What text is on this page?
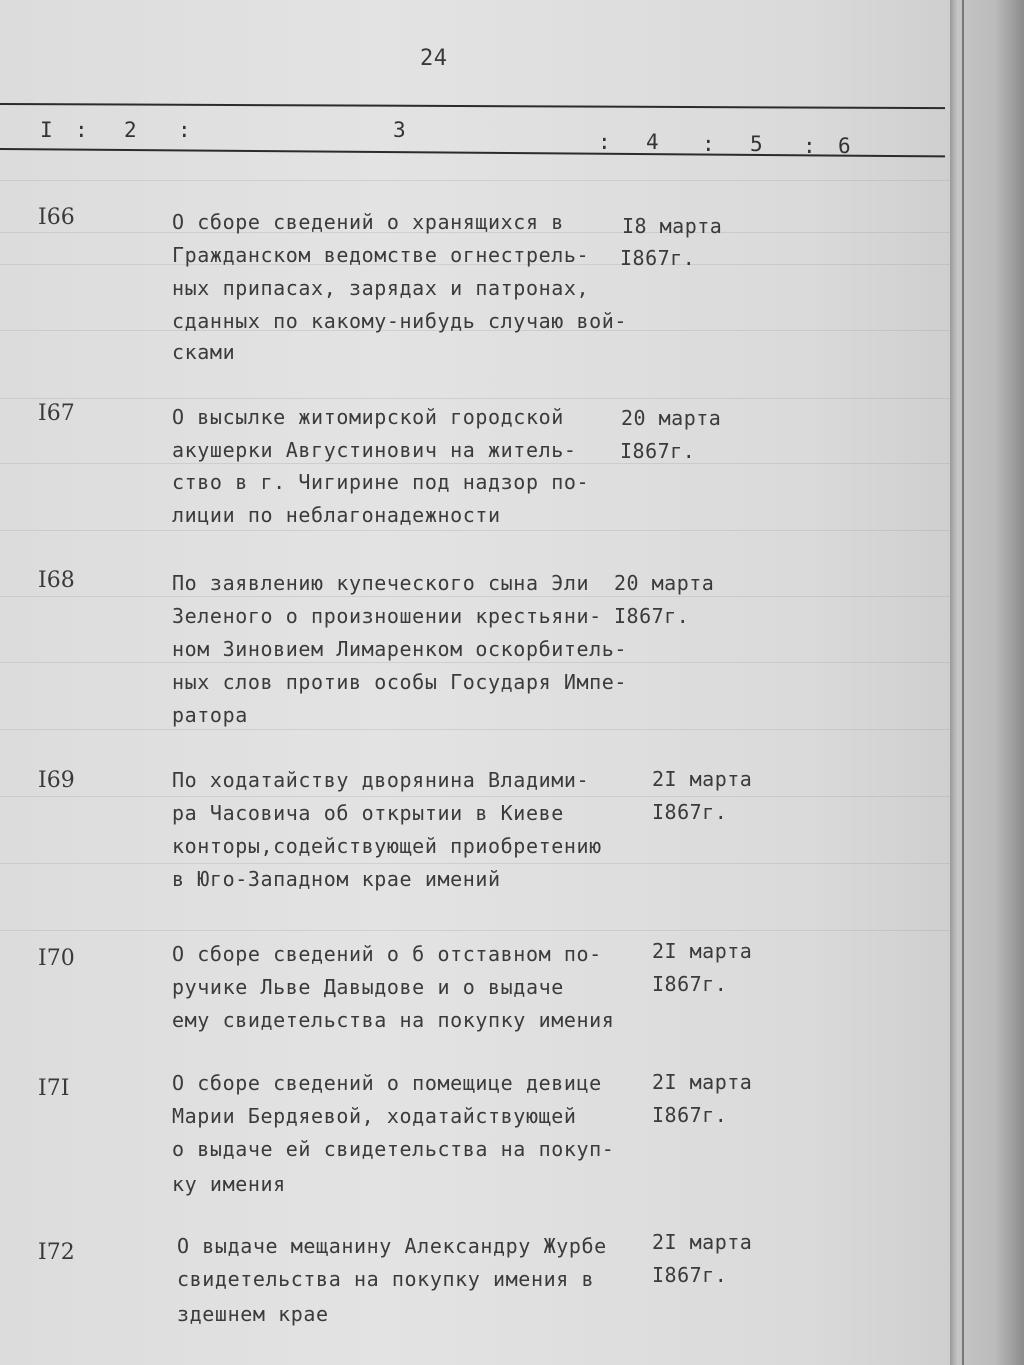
24
I : 2 :	3	: 4 : 5 : 6
I66	О сборе сведений о хранящихся в
Гражданском ведомстве огнестрель-
ных припасах, зарядах и патронах,
сданных по какому-нибудь случаю вой-
сками
I8 марта
I867г.
I67	О высылке житомирской городской
акушерки Августинович на житель-
ство в г. Чигирине под надзор по-
лиции по неблагонадежности
20 марта
I867г.
I68	По заявлению купеческого сына Эли
Зеленого о произношении крестьяни-
ном Зиновием Лимаренком оскорбитель-
ных слов против особы Государя Импе-
ратора
20 марта
I867г.
I69	По ходатайству дворянина Владими-
ра Часовича об открытии в Киеве
конторы,содействующей приобретению
в Юго-Западном крае имений
2I марта
I867г.
I70	О сборе сведений о б отставном по-
ручике Льве Давыдове и о выдаче
ему свидетельства на покупку имения
2I марта
I867г.
I7I	О сборе сведений о помещице девице
Марии Бердяевой, ходатайствующей
о выдаче ей свидетельства на покуп-
ку имения
2I марта
I867г.
I72	О выдаче мещанину Александру Журбе
свидетельства на покупку имения в
здешнем крае
2I марта
I867г.
